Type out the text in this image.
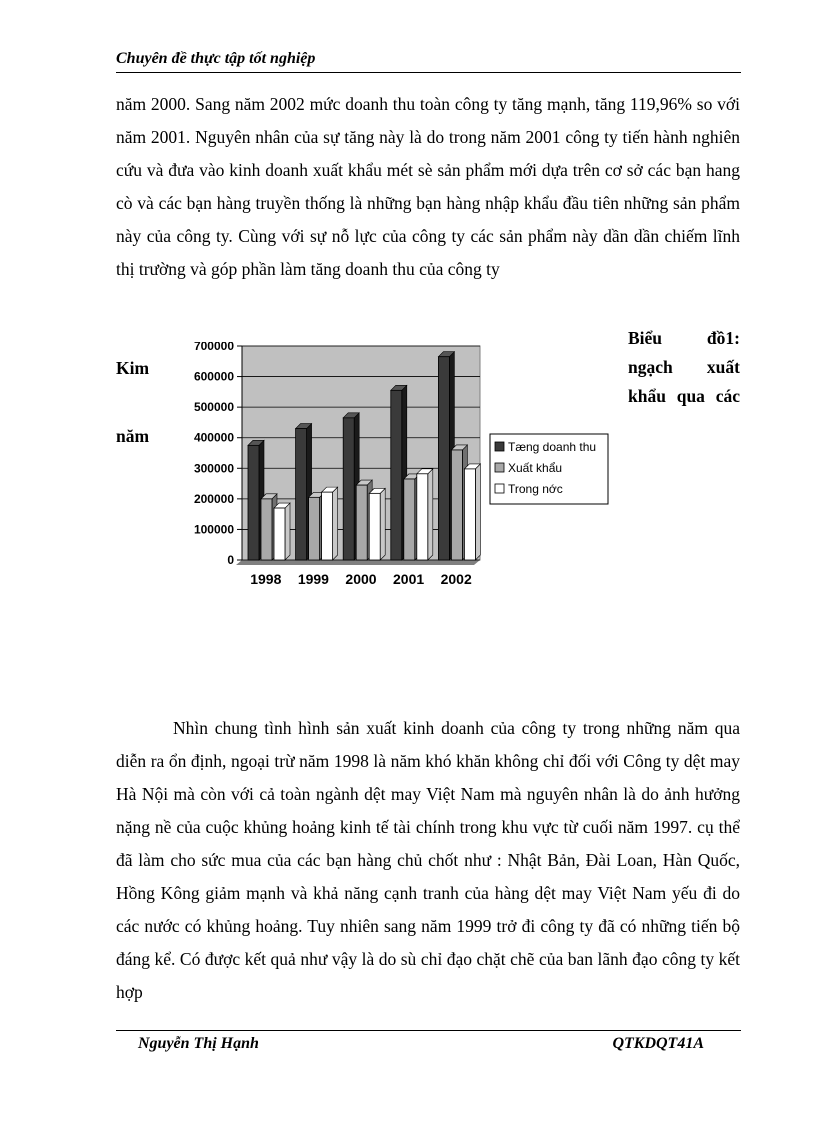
Chuyên đề thực tập tốt nghiệp

năm 2000. Sang năm 2002 mức doanh thu toàn công ty tăng mạnh, tăng 119,96% so với năm 2001. Nguyên nhân của sự tăng này là do trong năm 2001 công ty tiến hành nghiên cứu và đưa vào kinh doanh xuất khẩu mét sè sản phẩm mới dựa trên cơ sở các bạn hang cò và các bạn hàng truyền thống là những bạn hàng nhập khẩu đầu tiên những sản phẩm này của công ty. Cùng với sự nỗ lực của công ty các sản phẩm này dần dần chiếm lĩnh thị trường và góp phần làm tăng doanh thu của công ty

Biểu đồ1:
ngạch xuất
khẩu qua các
Kim
năm
0
100000
200000
300000
400000
500000
600000
700000
1998 1999 2000 2001 2002
Tæng doanh thu
Xuất khẩu
Trong nớc

Nhìn chung tình hình sản xuất kinh doanh của công ty trong những năm qua diễn ra ổn định, ngoại trừ năm 1998 là năm khó khăn không chỉ đối với Công ty dệt may Hà Nội mà còn với cả toàn ngành dệt may Việt Nam mà nguyên nhân là do ảnh hưởng nặng nề của cuộc khủng hoảng kinh tế tài chính trong khu vực từ cuối năm 1997. cụ thể đã làm cho sức mua của các bạn hàng chủ chốt như : Nhật Bản, Đài Loan, Hàn Quốc, Hồng Kông giảm mạnh và khả năng cạnh tranh của hàng dệt may Việt Nam yếu đi do các nước có khủng hoảng. Tuy nhiên sang năm 1999 trở đi công ty đã có những tiến bộ đáng kể. Có được kết quả như vậy là do sù chỉ đạo chặt chẽ của ban lãnh đạo công ty kết hợp

Nguyễn Thị Hạnh	QTKDQT41A
